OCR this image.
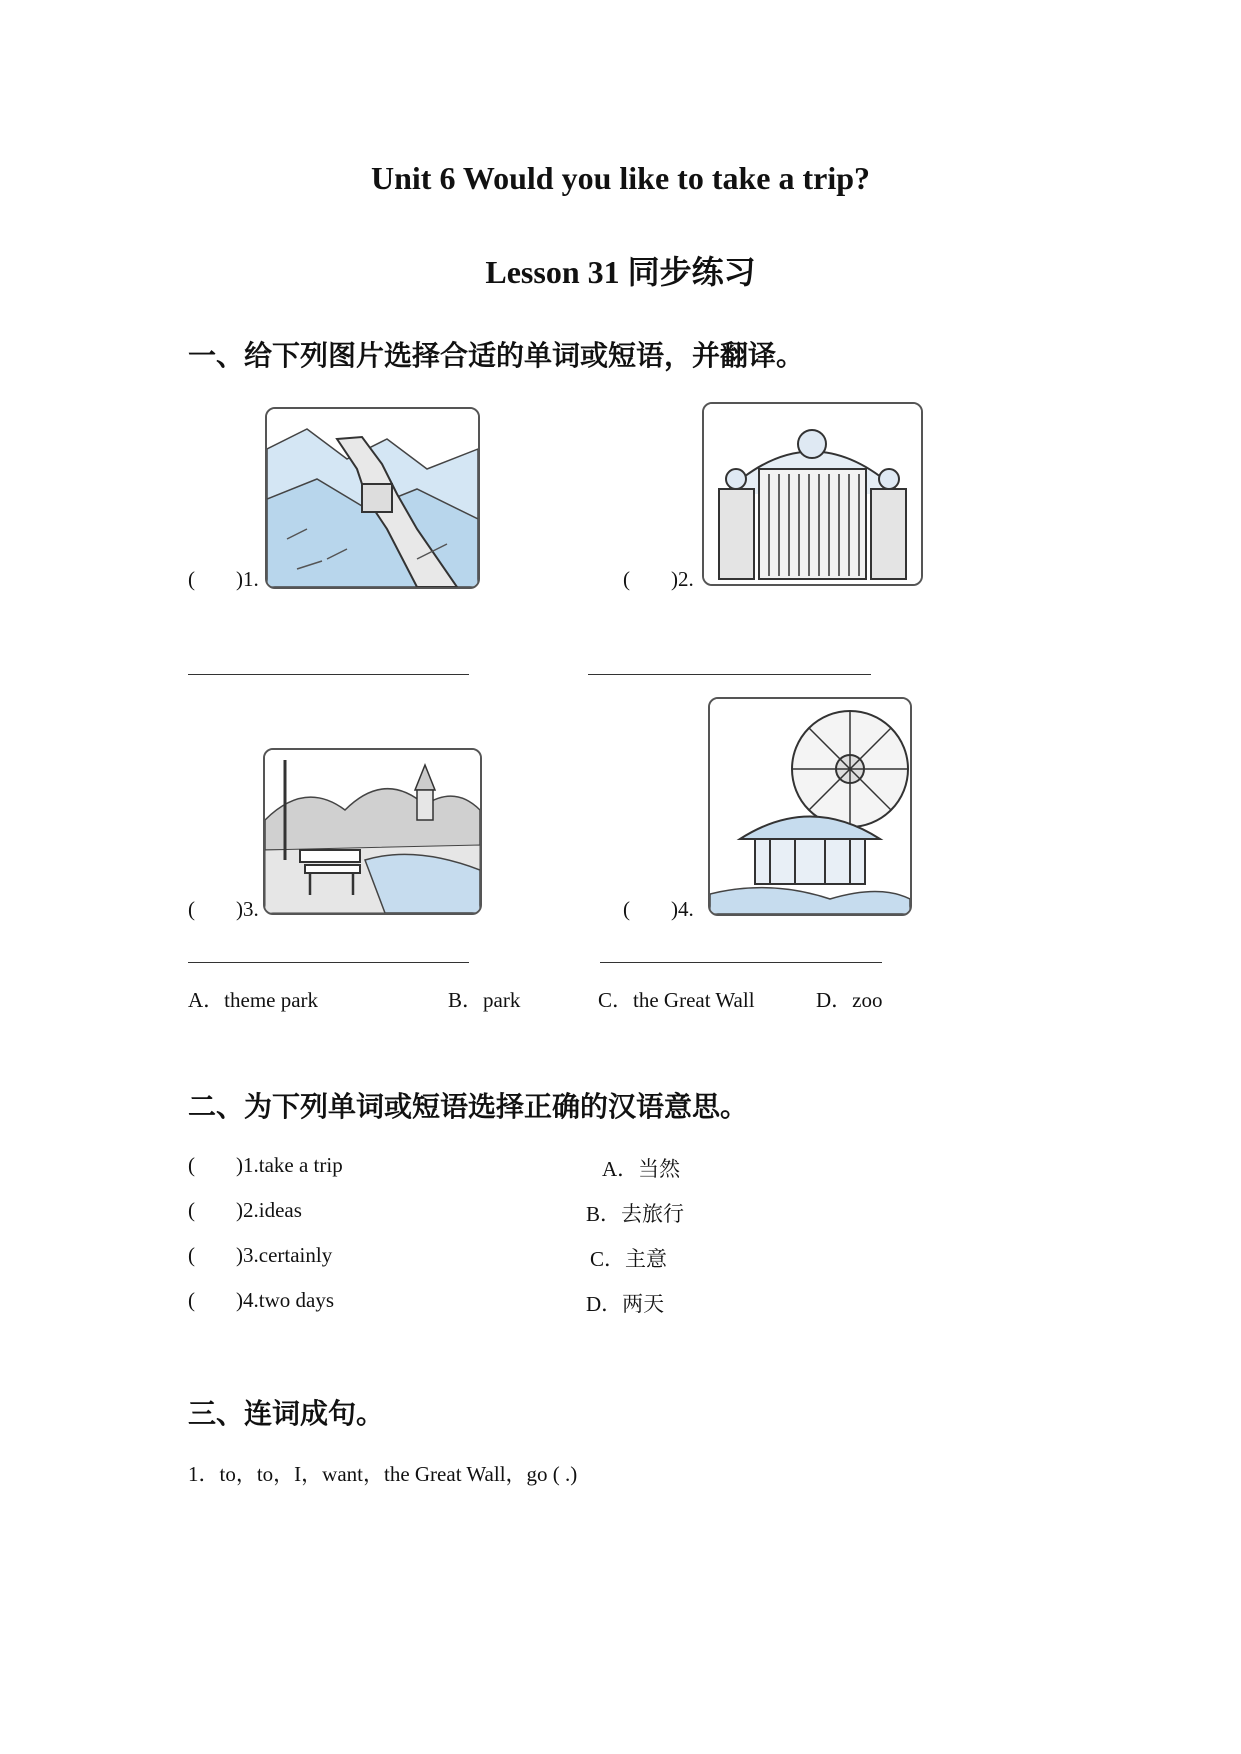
Unit 6 Would you like to take a trip?
Lesson 31 同步练习
一、给下列图片选择合适的单词或短语，并翻译。
( )1.	( )2.
( )3.	( )4.
A．theme park	B．park	C．the Great Wall	D．zoo
二、为下列单词或短语选择正确的汉语意思。
( )1.take a trip	A．当然
( )2.ideas	B．去旅行
( )3.certainly	C．主意
( )4.two days	D．两天
三、连词成句。
1．to，to，I，want，the Great Wall，go ( .)
